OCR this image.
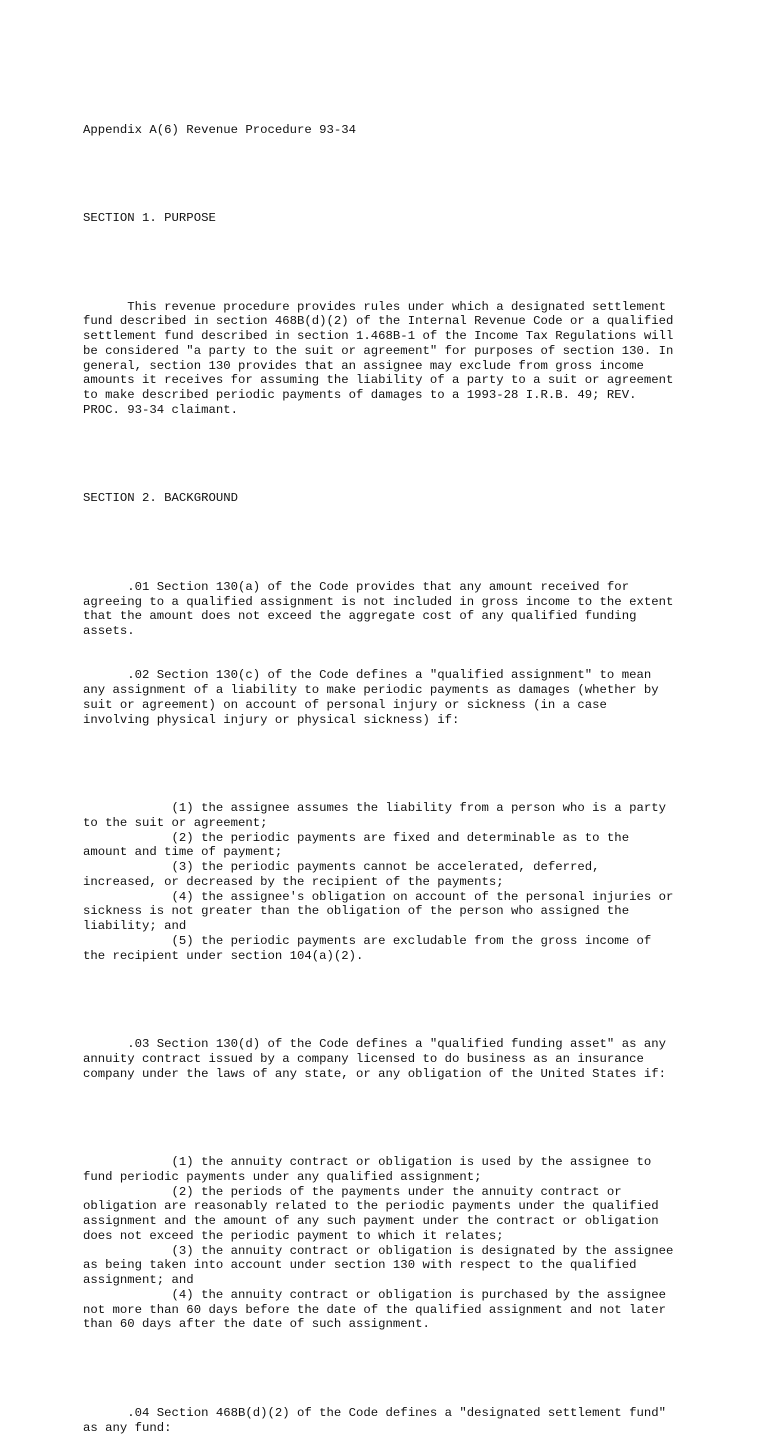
Appendix A(6) Revenue Procedure 93-34

SECTION 1. PURPOSE

This revenue procedure provides rules under which a designated settlement
fund described in section 468B(d)(2) of the Internal Revenue Code or a qualified
settlement fund described in section 1.468B-1 of the Income Tax Regulations will
be considered "a party to the suit or agreement" for purposes of section 130. In
general, section 130 provides that an assignee may exclude from gross income
amounts it receives for assuming the liability of a party to a suit or agreement
to make described periodic payments of damages to a 1993-28 I.R.B. 49; REV.
PROC. 93-34 claimant.

SECTION 2. BACKGROUND

.01 Section 130(a) of the Code provides that any amount received for
agreeing to a qualified assignment is not included in gross income to the extent
that the amount does not exceed the aggregate cost of any qualified funding
assets.

.02 Section 130(c) of the Code defines a "qualified assignment" to mean
any assignment of a liability to make periodic payments as damages (whether by
suit or agreement) on account of personal injury or sickness (in a case
involving physical injury or physical sickness) if:

(1) the assignee assumes the liability from a person who is a party
to the suit or agreement;
(2) the periodic payments are fixed and determinable as to the
amount and time of payment;
(3) the periodic payments cannot be accelerated, deferred,
increased, or decreased by the recipient of the payments;
(4) the assignee's obligation on account of the personal injuries or
sickness is not greater than the obligation of the person who assigned the
liability; and
(5) the periodic payments are excludable from the gross income of
the recipient under section 104(a)(2).

.03 Section 130(d) of the Code defines a "qualified funding asset" as any
annuity contract issued by a company licensed to do business as an insurance
company under the laws of any state, or any obligation of the United States if:

(1) the annuity contract or obligation is used by the assignee to
fund periodic payments under any qualified assignment;
(2) the periods of the payments under the annuity contract or
obligation are reasonably related to the periodic payments under the qualified
assignment and the amount of any such payment under the contract or obligation
does not exceed the periodic payment to which it relates;
(3) the annuity contract or obligation is designated by the assignee
as being taken into account under section 130 with respect to the qualified
assignment; and
(4) the annuity contract or obligation is purchased by the assignee
not more than 60 days before the date of the qualified assignment and not later
than 60 days after the date of such assignment.

.04 Section 468B(d)(2) of the Code defines a "designated settlement fund"
as any fund:
